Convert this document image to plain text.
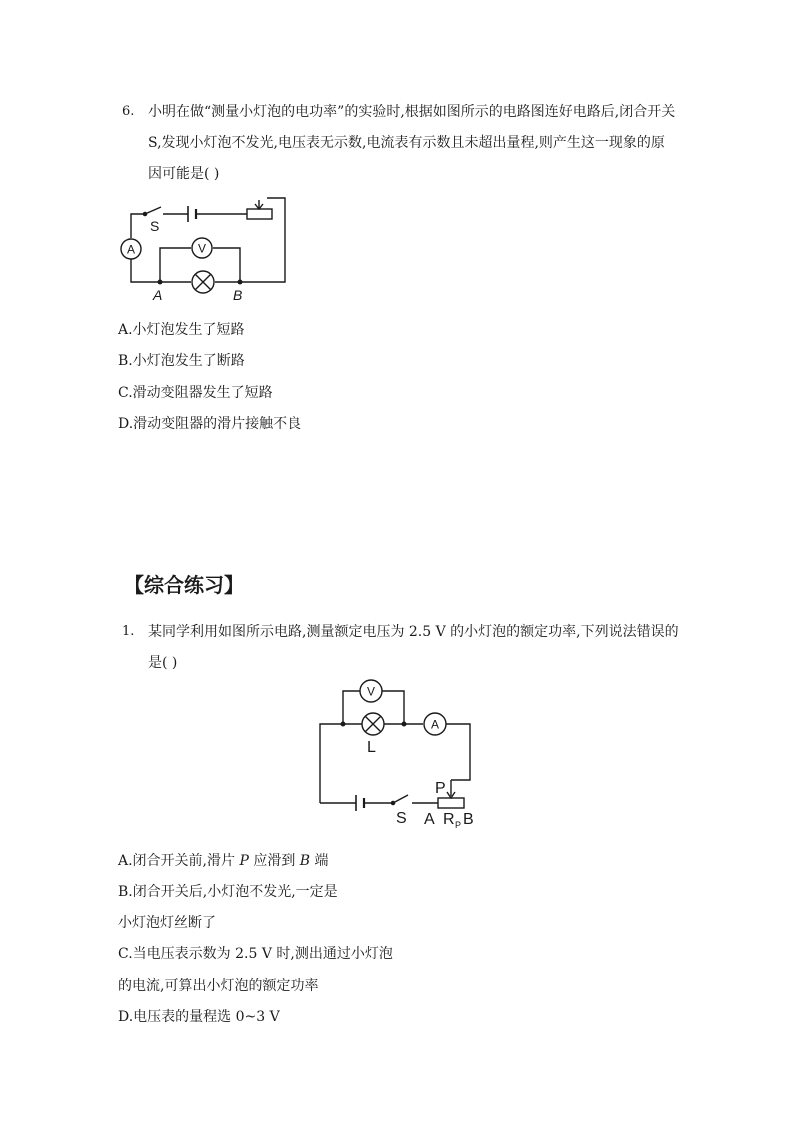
6. 小明在做“测量小灯泡的电功率”的实验时,根据如图所示的电路图连好电路后,闭合开关
S,发现小灯泡不发光,电压表无示数,电流表有示数且未超出量程,则产生这一现象的原
因可能是( )
A	V
S
A	B
A.小灯泡发生了短路
B.小灯泡发生了断路
C.滑动变阻器发生了短路
D.滑动变阻器的滑片接触不良
【综合练习】
1. 某同学利用如图所示电路,测量额定电压为 2.5 V 的小灯泡的额定功率,下列说法错误的
是( )
V
A
L
P
S A R P B
A.闭合开关前,滑片 P 应滑到 B 端
B.闭合开关后,小灯泡不发光,一定是
小灯泡灯丝断了
C.当电压表示数为 2.5 V 时,测出通过小灯泡
的电流,可算出小灯泡的额定功率
D.电压表的量程选 0~3 V
